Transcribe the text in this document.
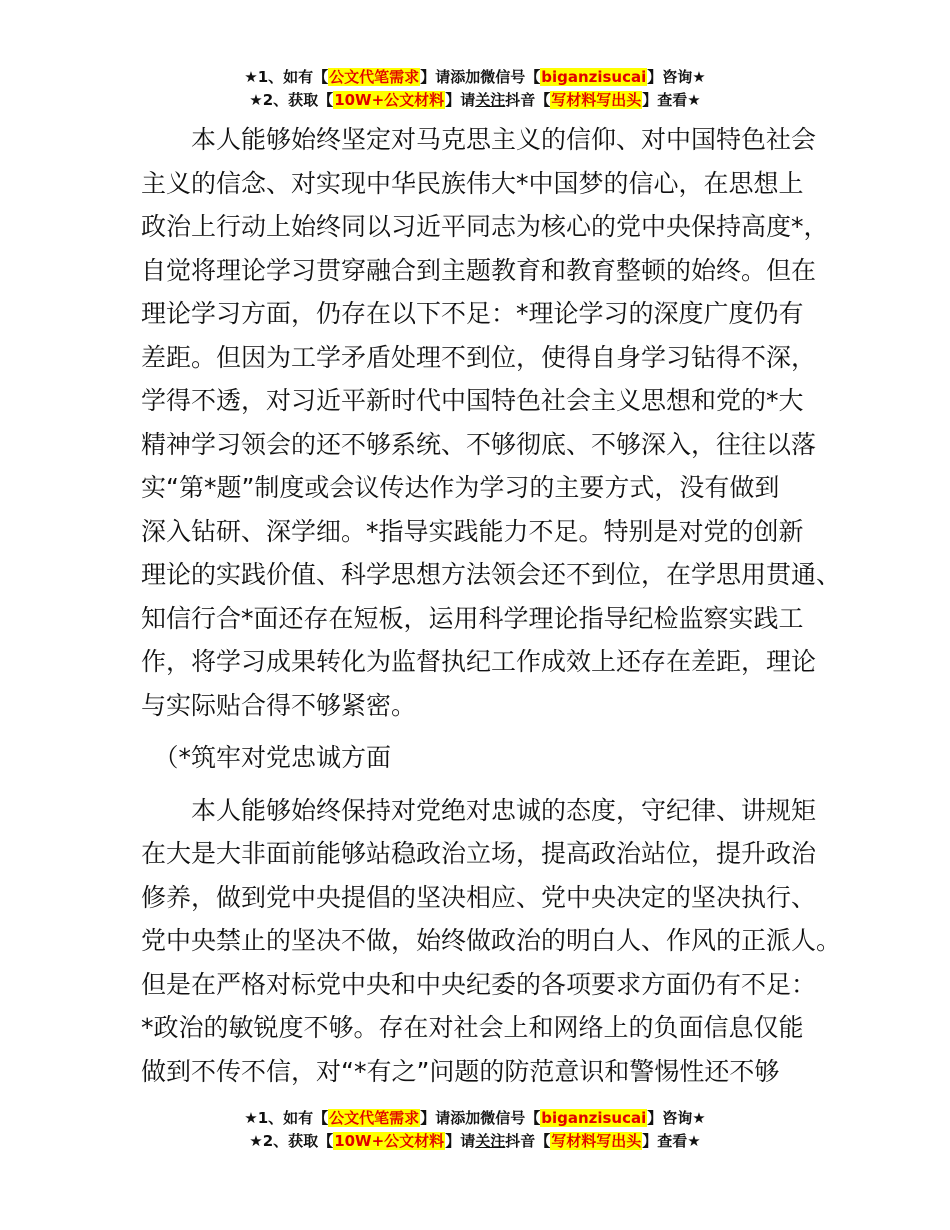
★1、如有【公文代笔需求】请添加微信号【biganzisucai】咨询★
★2、获取【10W+公文材料】请关注抖音【写材料写出头】查看★

　　本人能够始终坚定对马克思主义的信仰、对中国特色社会

主义的信念、对实现中华民族伟大*中国梦的信心，在思想上

政治上行动上始终同以习近平同志为核心的党中央保持高度*，

自觉将理论学习贯穿融合到主题教育和教育整顿的始终。但在

理论学习方面，仍存在以下不足：*理论学习的深度广度仍有

差距。但因为工学矛盾处理不到位，使得自身学习钻得不深，

学得不透，对习近平新时代中国特色社会主义思想和党的*大

精神学习领会的还不够系统、不够彻底、不够深入，往往以落

实“第*题”制度或会议传达作为学习的主要方式，没有做到

深入钻研、深学细。*指导实践能力不足。特别是对党的创新

理论的实践价值、科学思想方法领会还不到位，在学思用贯通、

知信行合*面还存在短板，运用科学理论指导纪检监察实践工

作，将学习成果转化为监督执纪工作成效上还存在差距，理论

与实际贴合得不够紧密。

　（*筑牢对党忠诚方面

　　本人能够始终保持对党绝对忠诚的态度，守纪律、讲规矩

在大是大非面前能够站稳政治立场，提高政治站位，提升政治

修养，做到党中央提倡的坚决相应、党中央决定的坚决执行、

党中央禁止的坚决不做，始终做政治的明白人、作风的正派人。

但是在严格对标党中央和中央纪委的各项要求方面仍有不足：

*政治的敏锐度不够。存在对社会上和网络上的负面信息仅能

做到不传不信，对“*有之”问题的防范意识和警惕性还不够

★1、如有【公文代笔需求】请添加微信号【biganzisucai】咨询★
★2、获取【10W+公文材料】请关注抖音【写材料写出头】查看★
